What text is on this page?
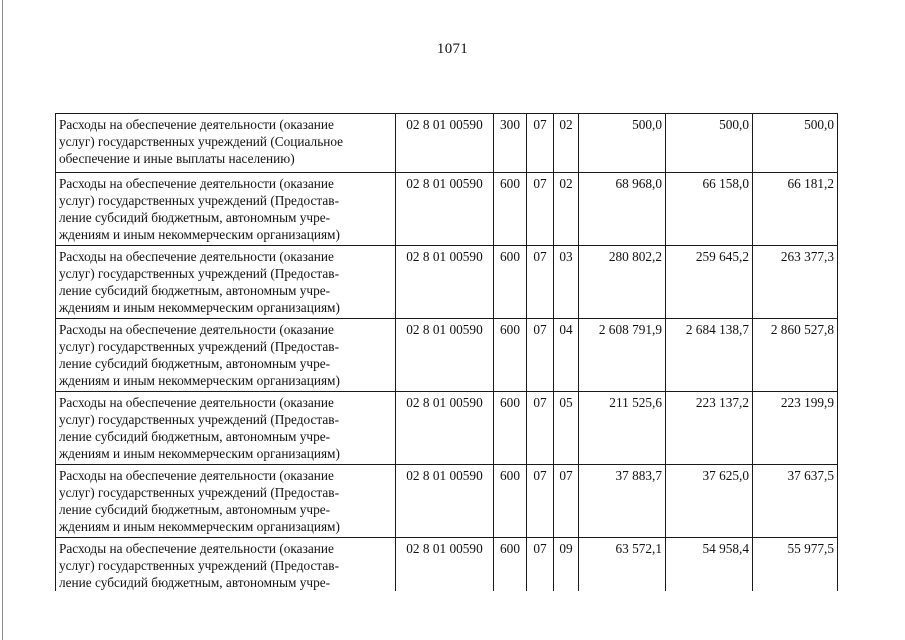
1071
Расходы на обеспечение деятельности (оказание
услуг) государственных учреждений (Социальное
обеспечение и иные выплаты населению)	02 8 01 00590	300	07	02	500,0	500,0	500,0

Расходы на обеспечение деятельности (оказание
услуг) государственных учреждений (Предостав-
ление субсидий бюджетным, автономным учре-
ждениям и иным некоммерческим организациям)	02 8 01 00590	600	07	02	68 968,0	66 158,0	66 181,2

Расходы на обеспечение деятельности (оказание
услуг) государственных учреждений (Предостав-
ление субсидий бюджетным, автономным учре-
ждениям и иным некоммерческим организациям)	02 8 01 00590	600	07	03	280 802,2	259 645,2	263 377,3

Расходы на обеспечение деятельности (оказание
услуг) государственных учреждений (Предостав-
ление субсидий бюджетным, автономным учре-
ждениям и иным некоммерческим организациям)	02 8 01 00590	600	07	04	2 608 791,9	2 684 138,7	2 860 527,8

Расходы на обеспечение деятельности (оказание
услуг) государственных учреждений (Предостав-
ление субсидий бюджетным, автономным учре-
ждениям и иным некоммерческим организациям)	02 8 01 00590	600	07	05	211 525,6	223 137,2	223 199,9

Расходы на обеспечение деятельности (оказание
услуг) государственных учреждений (Предостав-
ление субсидий бюджетным, автономным учре-
ждениям и иным некоммерческим организациям)	02 8 01 00590	600	07	07	37 883,7	37 625,0	37 637,5

Расходы на обеспечение деятельности (оказание
услуг) государственных учреждений (Предостав-
ление субсидий бюджетным, автономным учре-	02 8 01 00590	600	07	09	63 572,1	54 958,4	55 977,5
